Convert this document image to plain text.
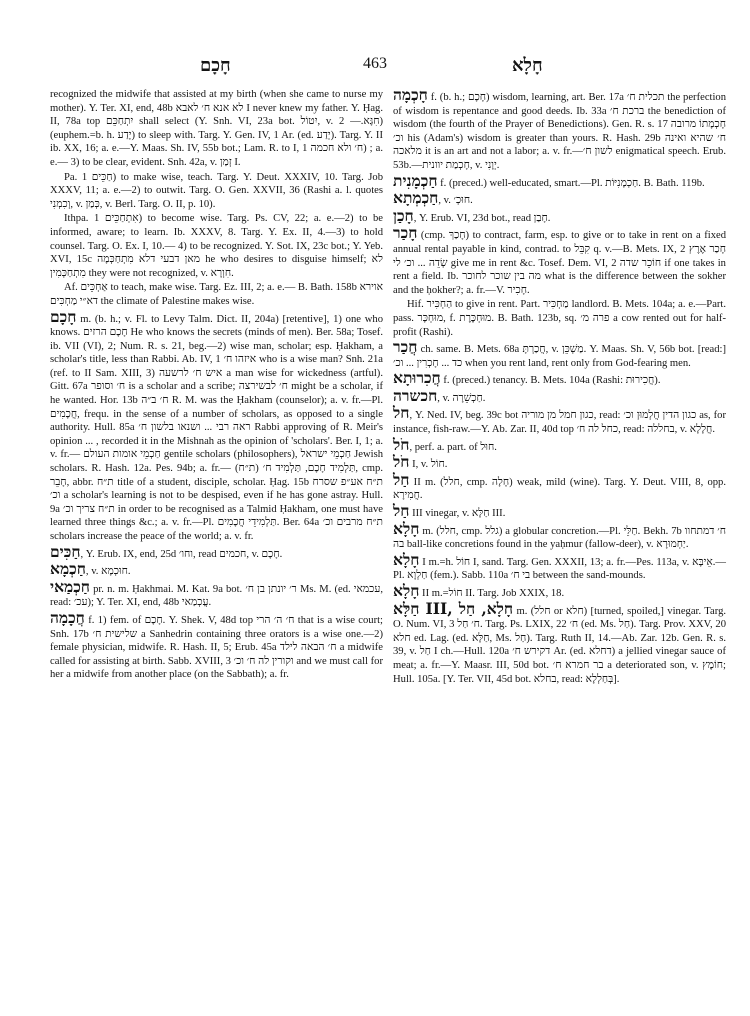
חָכָם	463	חָלָא

recognized the midwife that assisted at my birth (when she came to nurse my mother). Y. Ter. XI, end, 48b לא אנא ח׳ לאבא I never knew my father. Y. Ḥag. II, 78a top יִתְחַכֵּם shall select (Y. Snh. VI, 23a bot. יִטוֹל, v. חִגָּא.— 2) (euphem.=b. h. יָדַע) to sleep with. Targ. Y. Gen. IV, 1 Ar. (ed. יְדַע). Targ. Y. II ib. XX, 16; a. e.—Y. Maas. Sh. IV, 55b bot.; Lam. R. to I, 1 ח׳ ולא חכמה) ; a. e.— 3) to be clear, evident. Snh. 42a, v. זְמַן I.

Pa. חַכֵּים 1) to make wise, teach. Targ. Y. Deut. XXXIV, 10. Targ. Job XXXV, 11; a. e.—2) to outwit. Targ. O. Gen. XXVII, 36 (Rashi a. l. quotes וְכִמְנִי, v. כְּמַן, v. Berl. Targ. O. II, p. 10).

Ithpa. אִתְחַכֵּים 1) to become wise. Targ. Ps. CV, 22; a. e.—2) to be informed, aware; to learn. Ib. XXXV, 8. Targ. Y. Ex. II, 4.—3) to hold counsel. Targ. O. Ex. I, 10.— 4) to be recognized. Y. Sot. IX, 23c bot.; Y. Yeb. XVI, 15c מאן דבעי דלא מִתְחַכְּמָה he who desires to disguise himself; לא מִתְחַכְּמִין they were not recognized, v. חִוְרָא.

Af. אַחְכֵּים to teach, make wise. Targ. Ez. III, 2; a. e.— B. Bath. 158b אוירא דא״י מַחְכִּים the climate of Palestine makes wise.

חָכָם m. (b. h.; v. Fl. to Levy Talm. Dict. II, 204a) [retentive], 1) one who knows. חָכָם הרזים He who knows the secrets (minds of men). Ber. 58a; Tosef. ib. VII (VI), 2; Num. R. s. 21, beg.—2) wise man, scholar; esp. Ḥakham, a scholar's title, less than Rabbi. Ab. IV, 1 איזהו ח׳ who is a wise man? Snh. 21a (ref. to II Sam. XIII, 3) איש ח׳ לרשעה a man wise for wickedness (artful). Gitt. 67a ח׳ וסופר is a scholar and a scribe; ח׳ לבשירצה might be a scholar, if he wanted. Hor. 13b ח׳ ב״ה R. M. was the Ḥakham (counselor); a. v. fr.—Pl. חֲכָמִים, frequ. in the sense of a number of scholars, as opposed to a single authority. Hull. 85a ראה רבי ... ושנאו בלשון ח׳ Rabbi approving of R. Meir's opinion ... , recorded it in the Mishnah as the opinion of 'scholars'. Ber. I, 1; a. v. fr.— חַכְמֵי אומות העולם gentile scholars (philosophers), חַכְמֵי ישראל Jewish scholars. R. Hash. 12a. Pes. 94b; a. fr.— תַּלְמִיד חָכָם, תַּלְמִיד ח׳ (ת״ח), cmp. חָבֵר, abbr. ת״ח title of a student, disciple, scholar. Ḥag. 15b ת״ח אע״פ שסרח וכ׳ a scholar's learning is not to be despised, even if he has gone astray. Hull. 9a ת״ח צריך וכ׳ in order to be recognised as a Talmid Ḥakham, one must have learned three things &c.; a. v. fr.—Pl. תַּלְמִידֵי חֲכָמִים. Ber. 64a ת״ח מרבים וכ׳ scholars increase the peace of the world; a. v. fr.

חַכִּים, Y. Erub. IX, end, 25d וחו׳, read חכמים, v. חָכָם.

חַכְמָא, v. חוּכְמָא.

חַכְמַאי pr. n. m. Ḥakhmai. M. Kat. 9a bot. ר׳ יונתן בן ח׳ Ms. M. (ed. עכמאי, read: עכ׳); Y. Ter. XI, end, 48b עֲכְמַאי.

חֲכָמָה f. 1) fem. of חָכָם. Y. Shek. V, 48d top ח׳ ה׳ הרי that is a wise court; Snh. 17b שלישית ח׳ a Sanhedrin containing three orators is a wise one.—2) female physician, midwife. R. Hash. II, 5; Erub. 45a ח׳ הבאה לילד a midwife called for assisting at birth. Sabb. XVIII, 3 וקורין לה ח׳ וכ׳ and we must call for her a midwife from another place (on the Sabbath); a. fr.

חָכְמָה f. (b. h.; חָכָם) wisdom, learning, art. Ber. 17a תכלית ח׳ the perfection of wisdom is repentance and good deeds. Ib. 33a ברכת ח׳ the benediction of wisdom (the fourth of the Prayer of Benedictions). Gen. R. s. 17 חָכְמָתוֹ מרובה וכ׳ his (Adam's) wisdom is greater than yours. R. Hash. 29b ח׳ שהיא ואינה מלאכה it is an art and not a labor; a. v. fr.—לשון ח׳ enigmatical speech. Erub. 53b.—חָכְמַת יוונית, v. יְוָנִי.

חַכְמָנִית f. (preced.) well-educated, smart.—Pl. חַכְמָנִיּוֹת. B. Bath. 119b.

חַכְמְתָא, v. חוּכְ׳.

חָכַן, Y. Erub. VI, 23d bot., read חָבַן.

חָכַר (cmp. חָכַךְ) to contract, farm, esp. to give or to take in rent on a fixed annual rental payable in kind, contrad. to קִבֵּל q. v.—B. Mets. IX, 2 חָכַר אֶרֶץ שְׂדֵה ... וכ׳ לי give me in rent &c. Tosef. Dem. VI, 2 חוֹכֵר שדה if one takes in rent a field. Ib. מה בין שוכר לחוכר what is the difference between the sokher and the ḥokher?; a. fr.—V. חָכִיר.

Hif. הַחְכִּיר to give in rent. Part. מַחְכִּיר landlord. B. Mets. 104a; a. e.—Part. pass. מוּחְכָּר, f. מוּחְכֶּרֶת. B. Bath. 123b, sq. פרה מ׳ a cow rented out for half-profit (Rashi).

חֲכַר ch. same. B. Mets. 68a חֲכַרְתָּ, v. מַשְׁכֵּן. Y. Maas. Sh. V, 56b bot. [read:] כד ... חָכְרִין ... וכ׳ when you rent land, rent only from God-fearing men.

חֲכִרוּתָא f. (preced.) tenancy. B. Mets. 104a (Rashi: חֲכִירוּת).

חכשרה, v. חַכְשֵׁרָה.

חל, Y. Ned. IV, beg. 39c bot כגון חמל מן מוריה, read: כגון הדין חֲלְמוּן וכ׳ as, for instance, fish-raw.—Y. Ab. Zar. II, 40d top כחל לה ח׳, read: בחללה, v. חֲלָלָא.

חֹל, perf. a. part. of חוּל.

חֹל I, v. חוֹל.

חַל II m. (חלל, cmp. חָלָה) weak, mild (wine). Targ. Y. Deut. VIII, 8, opp. חֲמִירָא.

חַל III vinegar, v. חַלָּא III.

חָלָא m. (חלל, cmp. גלל) a globular concretion.—Pl. חַלֵּי. Bekh. 7b ח׳ דמתחוו בה ball-like concretions found in the yaḥmur (fallow-deer), v. יַחְמוּרָא.

חָלָא I m.=h. חוֹל I, sand. Targ. Gen. XXXII, 13; a. fr.—Pes. 113a, v. אֵיבָּא.—Pl. חַלְוָא (fem.). Sabb. 110a בי ח׳ between the sand-mounds.

חָלָא II m.=חוֹל II. Targ. Job XXIX, 18.

חַלָּא III, חָלָא, חַל m. (חלל or חלא) [turned, spoiled,] vinegar. Targ. O. Num. VI, 3 ח׳ חַל. Targ. Ps. LXIX, 22 ח׳ (ed. Ms. חַל). Targ. Prov. XXV, 20 חלא ed. Lag. (ed. חַלָּא, Ms. חַל). Targ. Ruth II, 14.—Ab. Zar. 12b. Gen. R. s. 39, v. חַל I ch.—Hull. 120a דקירש ח׳ Ar. (ed. דחלא) a jellied vinegar sauce of meat; a. fr.—Y. Maasr. III, 50d bot. בר חמרא ח׳ a deteriorated son, v. חוֹמֶץ; Hull. 105a. [Y. Ter. VII, 45d bot. בחלא, read: בְּחַלְלָא].
